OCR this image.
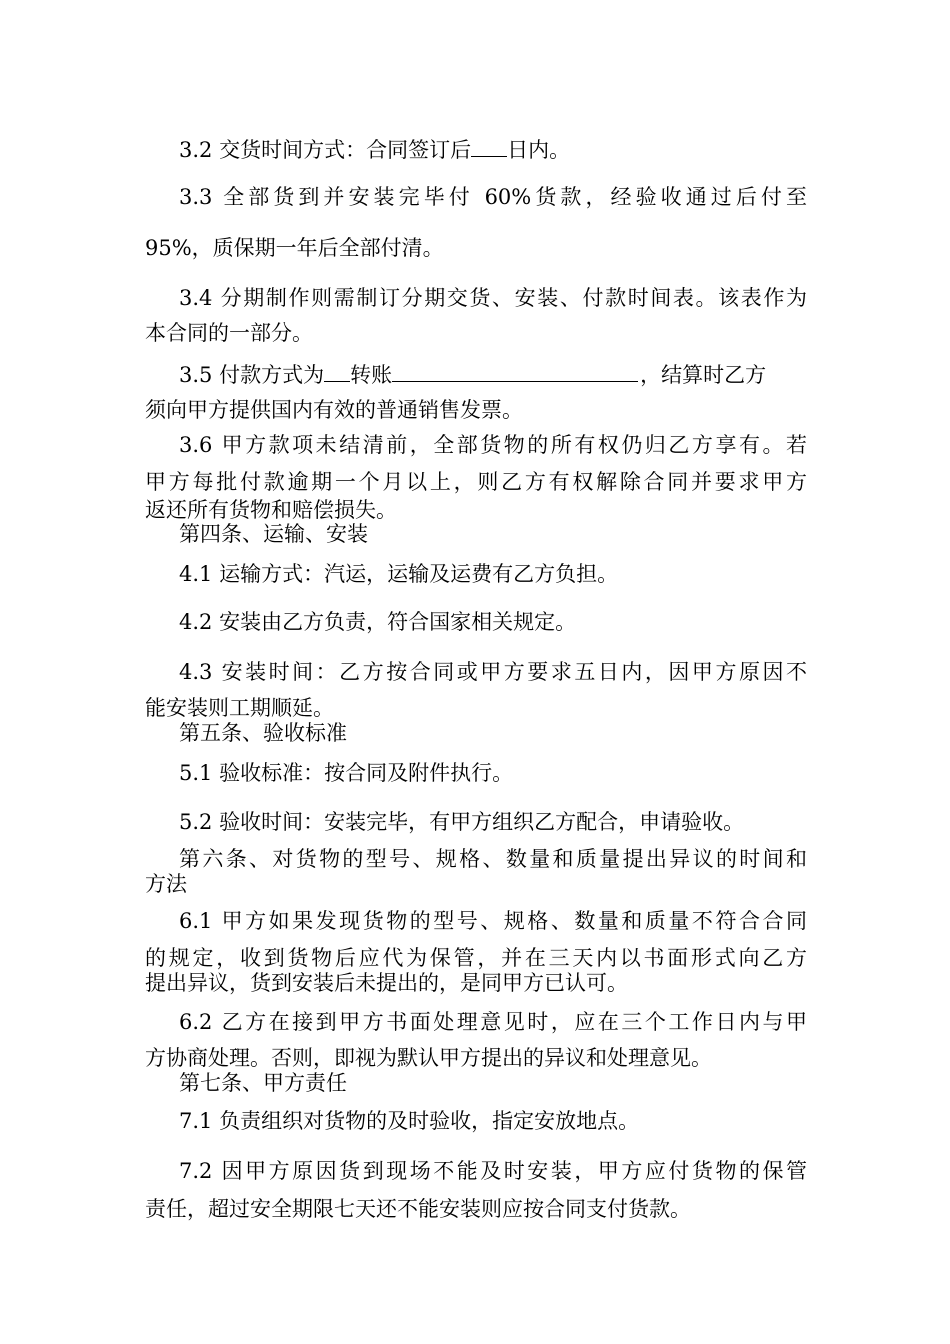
3.2 交货时间方式：合同签订后 日内。
3.3 全部货到并安装完毕付 60%货款，经验收通过后付至
95%，质保期一年后全部付清。
3.4 分期制作则需制订分期交货、安装、付款时间表。该表作为
本合同的一部分。
3.5 付款方式为 转账	，结算时乙方
须向甲方提供国内有效的普通销售发票。
3.6 甲方款项未结清前，全部货物的所有权仍归乙方享有。若
甲方每批付款逾期一个月以上，则乙方有权解除合同并要求甲方
返还所有货物和赔偿损失。
第四条、运输、安装
4.1 运输方式：汽运，运输及运费有乙方负担。
4.2 安装由乙方负责，符合国家相关规定。
4.3 安装时间：乙方按合同或甲方要求五日内，因甲方原因不
能安装则工期顺延。
第五条、验收标准
5.1 验收标准：按合同及附件执行。
5.2 验收时间：安装完毕，有甲方组织乙方配合，申请验收。
第六条、对货物的型号、规格、数量和质量提出异议的时间和
方法
6.1 甲方如果发现货物的型号、规格、数量和质量不符合合同
的规定，收到货物后应代为保管，并在三天内以书面形式向乙方
提出异议，货到安装后未提出的，是同甲方已认可。
6.2 乙方在接到甲方书面处理意见时，应在三个工作日内与甲
方协商处理。否则，即视为默认甲方提出的异议和处理意见。
第七条、甲方责任
7.1 负责组织对货物的及时验收，指定安放地点。
7.2 因甲方原因货到现场不能及时安装，甲方应付货物的保管
责任，超过安全期限七天还不能安装则应按合同支付货款。
